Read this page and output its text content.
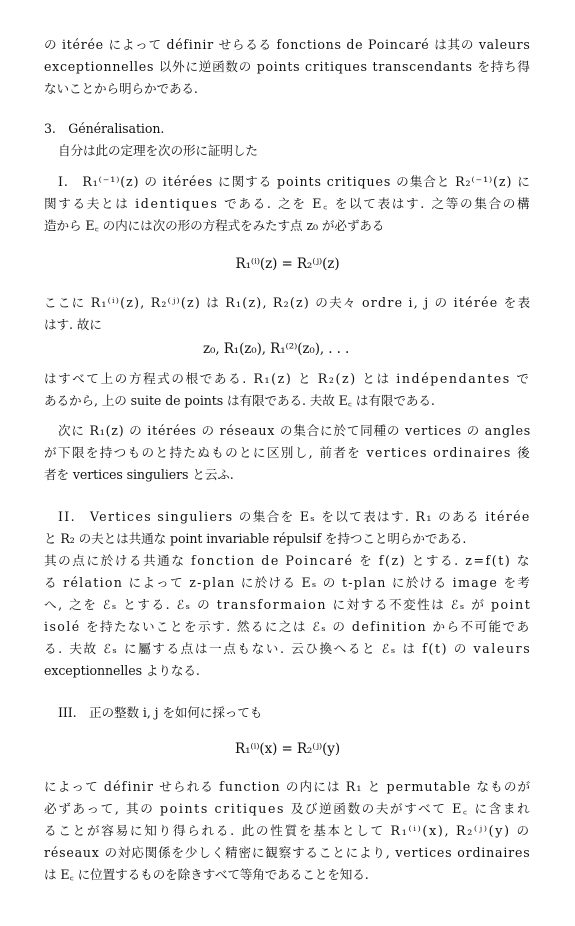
の itérée によって définir せらるる fonctions de Poincaré は其の valeurs
exceptionnelles 以外に逆函数の points critiques transcendants を持ち得
ないことから明らかである.
3.　Généralisation.
自分は此の定理を次の形に証明した
I.　R₁⁽⁻¹⁾(z) の itérées に関する points critiques の集合と R₂⁽⁻¹⁾(z) に
関する夫とは identiques である. 之を E꜀ を以て表はす. 之等の集合の構
造から E꜀ の内には次の形の方程式をみたす点 z₀ が必ずある
R₁⁽ⁱ⁾(z) = R₂⁽ʲ⁾(z)
ここに R₁⁽ⁱ⁾(z), R₂⁽ʲ⁾(z) は R₁(z), R₂(z) の夫々 ordre i, j の itérée を表
はす. 故に
z₀, R₁(z₀), R₁⁽²⁾(z₀), . . .
はすべて上の方程式の根である. R₁(z) と R₂(z) とは indépendantes で
あるから, 上の suite de points は有限である. 夫故 E꜀ は有限である.
次に R₁(z) の itérées の réseaux の集合に於て同種の vertices の angles
が下限を持つものと持たぬものとに区別し, 前者を vertices ordinaires 後
者を vertices singuliers と云ふ.
II.　Vertices singuliers の集合を Eₛ を以て表はす. R₁ のある itérée
と R₂ の夫とは共通な point invariable répulsif を持つこと明らかである.
其の点に於ける共通な fonction de Poincaré を f(z) とする. z=f(t) な
る rélation によって z-plan に於ける Eₛ の t-plan に於ける image を考
へ, 之を ℰₛ とする. ℰₛ の transformaion に対する不変性は ℰₛ が point
isolé を持たないことを示す. 然るに之は ℰₛ の definition から不可能であ
る. 夫故 ℰₛ に屬する点は一点もない. 云ひ換へると ℰₛ は f(t) の valeurs
exceptionnelles よりなる.
III.　正の整数 i, j を如何に採っても
R₁⁽ⁱ⁾(x) = R₂⁽ʲ⁾(y)
によって définir せられる function の内には R₁ と permutable なものが
必ずあって, 其の points critiques 及び逆函数の夫がすべて E꜀ に含まれ
ることが容易に知り得られる. 此の性質を基本として R₁⁽ⁱ⁾(x), R₂⁽ʲ⁾(y) の
réseaux の対応関係を少しく精密に観察することにより, vertices ordinaires
は E꜀ に位置するものを除きすべて等角であることを知る.
